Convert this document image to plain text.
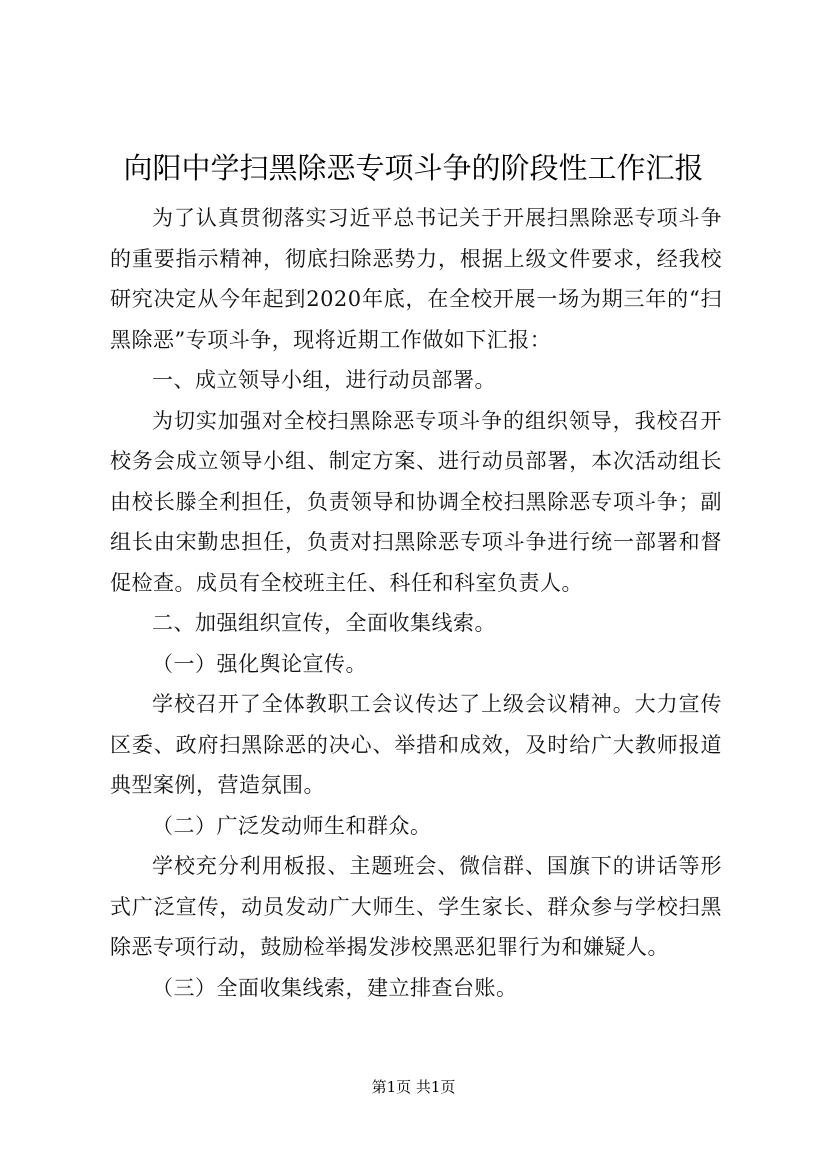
向阳中学扫黑除恶专项斗争的阶段性工作汇报

为了认真贯彻落实习近平总书记关于开展扫黑除恶专项斗争的重要指示精神，彻底扫除恶势力，根据上级文件要求，经我校研究决定从今年起到2020年底，在全校开展一场为期三年的“扫黑除恶”专项斗争，现将近期工作做如下汇报：

一、成立领导小组，进行动员部署。

为切实加强对全校扫黑除恶专项斗争的组织领导，我校召开校务会成立领导小组、制定方案、进行动员部署，本次活动组长由校长滕全利担任，负责领导和协调全校扫黑除恶专项斗争；副组长由宋勤忠担任，负责对扫黑除恶专项斗争进行统一部署和督促检查。成员有全校班主任、科任和科室负责人。

二、加强组织宣传，全面收集线索。

（一）强化舆论宣传。

学校召开了全体教职工会议传达了上级会议精神。大力宣传区委、政府扫黑除恶的决心、举措和成效，及时给广大教师报道典型案例，营造氛围。

（二）广泛发动师生和群众。

学校充分利用板报、主题班会、微信群、国旗下的讲话等形式广泛宣传，动员发动广大师生、学生家长、群众参与学校扫黑除恶专项行动，鼓励检举揭发涉校黑恶犯罪行为和嫌疑人。

（三）全面收集线索，建立排查台账。

第1页 共1页
